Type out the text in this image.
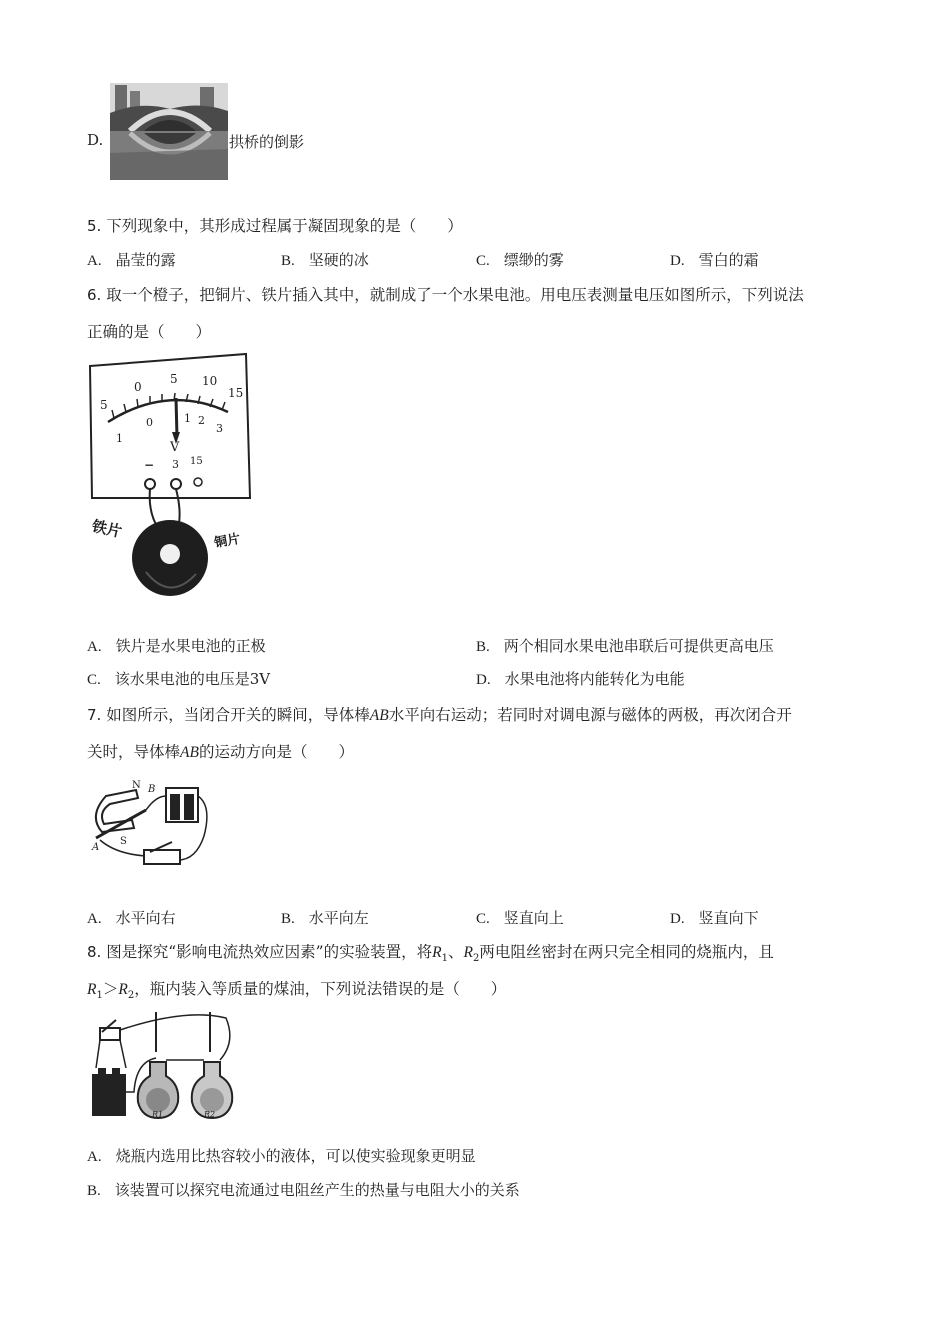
D.	拱桥的倒影
5. 下列现象中，其形成过程属于凝固现象的是（　　）
A. 晶莹的露	B. 坚硬的冰	C. 缥缈的雾	D. 雪白的霜
6. 取一个橙子，把铜片、铁片插入其中，就制成了一个水果电池。用电压表测量电压如图所示，下列说法
正确的是（　　）
5
0
5 10
15
1
0	1 2
3
V
− 3 15
铁片
铜片
A. 铁片是水果电池的正极	B. 两个相同水果电池串联后可提供更高电压
C. 该水果电池的电压是3V	D. 水果电池将内能转化为电能
7. 如图所示，当闭合开关的瞬间，导体棒AB水平向右运动；若同时对调电源与磁体的两极，再次闭合开
关时，导体棒AB的运动方向是（　　）
N B
S
A
A. 水平向右	B. 水平向左	C. 竖直向上	D. 竖直向下
8. 图是探究“影响电流热效应因素”的实验装置，将$R_1$、$R_2$两电阻丝密封在两只完全相同的烧瓶内，且
$R_1>R_2$，瓶内装入等质量的煤油，下列说法错误的是（　　）
R1	R2
A. 烧瓶内选用比热容较小的液体，可以使实验现象更明显
B. 该装置可以探究电流通过电阻丝产生的热量与电阻大小的关系
